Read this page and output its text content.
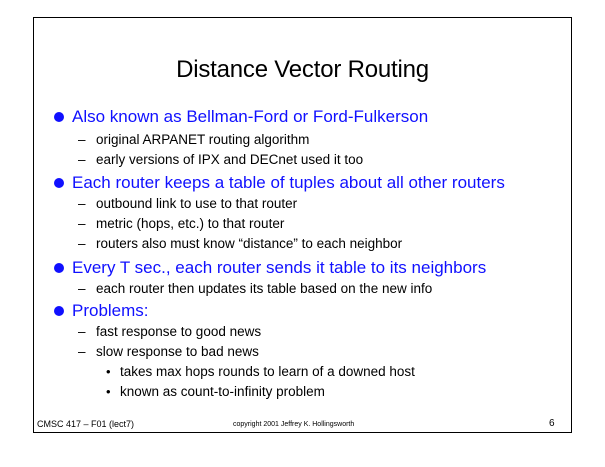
Distance Vector Routing
Also known as Bellman-Ford or Ford-Fulkerson
– original ARPANET routing algorithm
– early versions of IPX and DECnet used it too
Each router keeps a table of tuples about all other routers
– outbound link to use to that router
– metric (hops, etc.) to that router
– routers also must know “distance” to each neighbor
Every T sec., each router sends it table to its neighbors
– each router then updates its table based on the new info
Problems:
– fast response to good news
– slow response to bad news
• takes max hops rounds to learn of a downed host
• known as count-to-infinity problem
CMSC 417 – F01 (lect7)	copyright 2001 Jeffrey K. Hollingsworth	6
